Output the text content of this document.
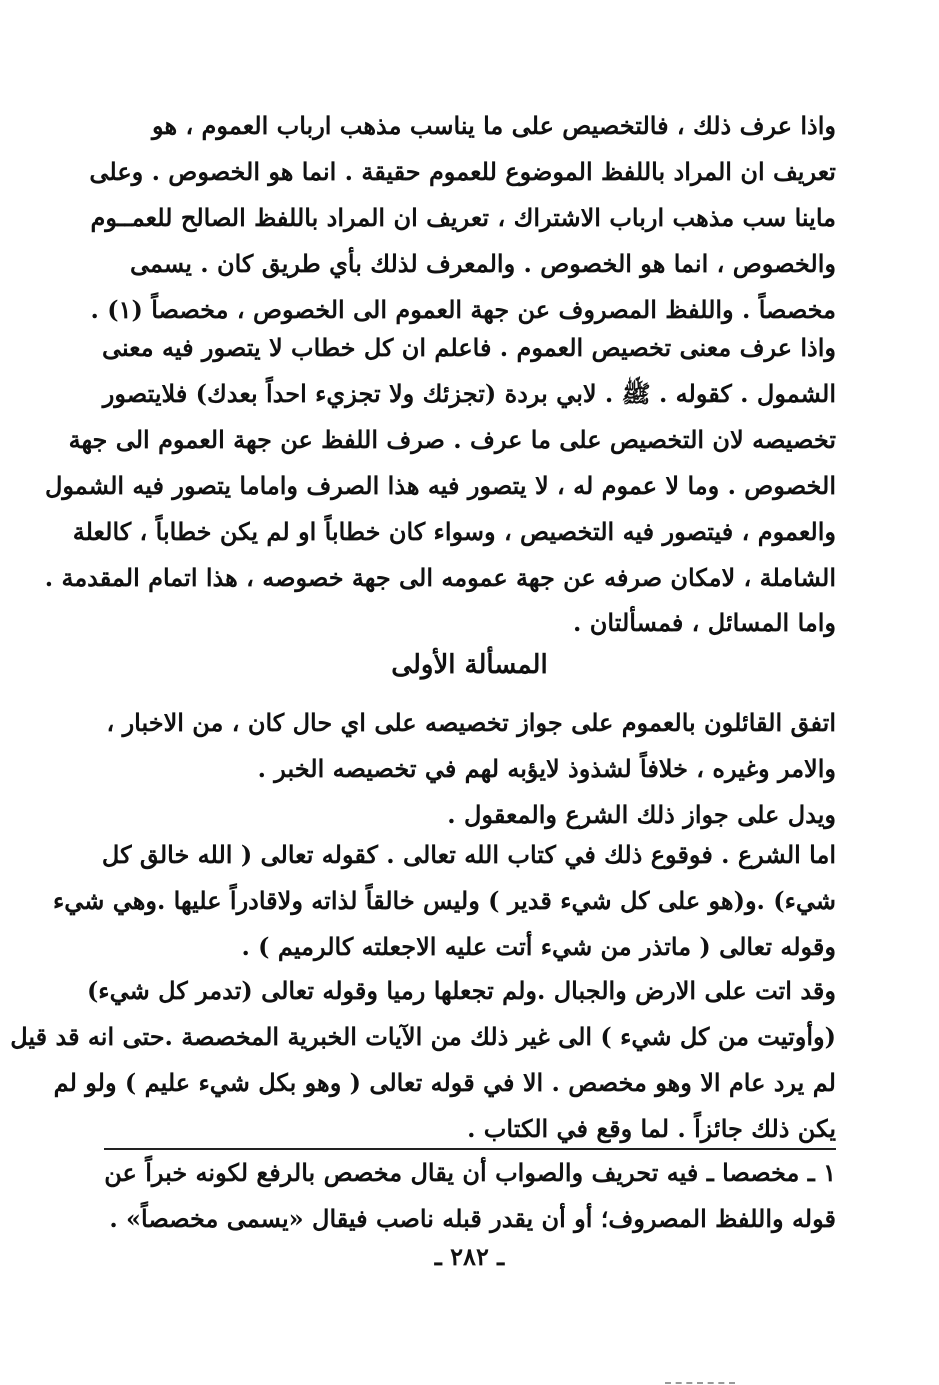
واذا عرف ذلك ، فالتخصيص على ما يناسب مذهب ارباب العموم ، هو
تعريف ان المراد باللفظ الموضوع للعموم حقيقة . انما هو الخصوص . وعلى
ماينا سب مذهب ارباب الاشتراك ، تعريف ان المراد باللفظ الصالح للعمــوم
والخصوص ، انما هو الخصوص . والمعرف لذلك بأي طريق كان . يسمى
مخصصاً . واللفظ المصروف عن جهة العموم الى الخصوص ، مخصصاً (١) .
واذا عرف معنى تخصيص العموم . فاعلم ان كل خطاب لا يتصور فيه معنى
الشمول . كقوله . ﷺ . لابي بردة (تجزئك ولا تجزيء احداً بعدك) فلايتصور
تخصيصه لان التخصيص على ما عرف . صرف اللفظ عن جهة العموم الى جهة
الخصوص . وما لا عموم له ، لا يتصور فيه هذا الصرف واماما يتصور فيه الشمول
والعموم ، فيتصور فيه التخصيص ، وسواء كان خطاباً او لم يكن خطاباً ، كالعلة
الشاملة ، لامكان صرفه عن جهة عمومه الى جهة خصوصه ، هذا اتمام المقدمة .
واما المسائل ، فمسألتان .
المسألة الأولى
اتفق القائلون بالعموم على جواز تخصيصه على اي حال كان ، من الاخبار ،
والامر وغيره ، خلافاً لشذوذ لايؤبه لهم في تخصيصه الخبر .
ويدل على جواز ذلك الشرع والمعقول .
اما الشرع . فوقوع ذلك في كتاب الله تعالى . كقوله تعالى ( الله خالق كل
شيء) .و(هو على كل شيء قدير ) وليس خالقاً لذاته ولاقادراً عليها .وهي شيء
وقوله تعالى ( ماتذر من شيء أتت عليه الاجعلته كالرميم ) .
وقد اتت على الارض والجبال .ولم تجعلها رميا وقوله تعالى (تدمر كل شيء)
(وأوتيت من كل شيء ) الى غير ذلك من الآيات الخبرية المخصصة .حتى انه قد قيل
لم يرد عام الا وهو مخصص . الا في قوله تعالى ( وهو بكل شيء عليم ) ولو لم
يكن ذلك جائزاً . لما وقع في الكتاب .
١ ـ مخصصا ـ فيه تحريف والصواب أن يقال مخصص بالرفع لكونه خبراً عن
قوله واللفظ المصروف؛ أو أن يقدر قبله ناصب فيقال «يسمى مخصصاً» .
ـ ٢٨٢ ـ
